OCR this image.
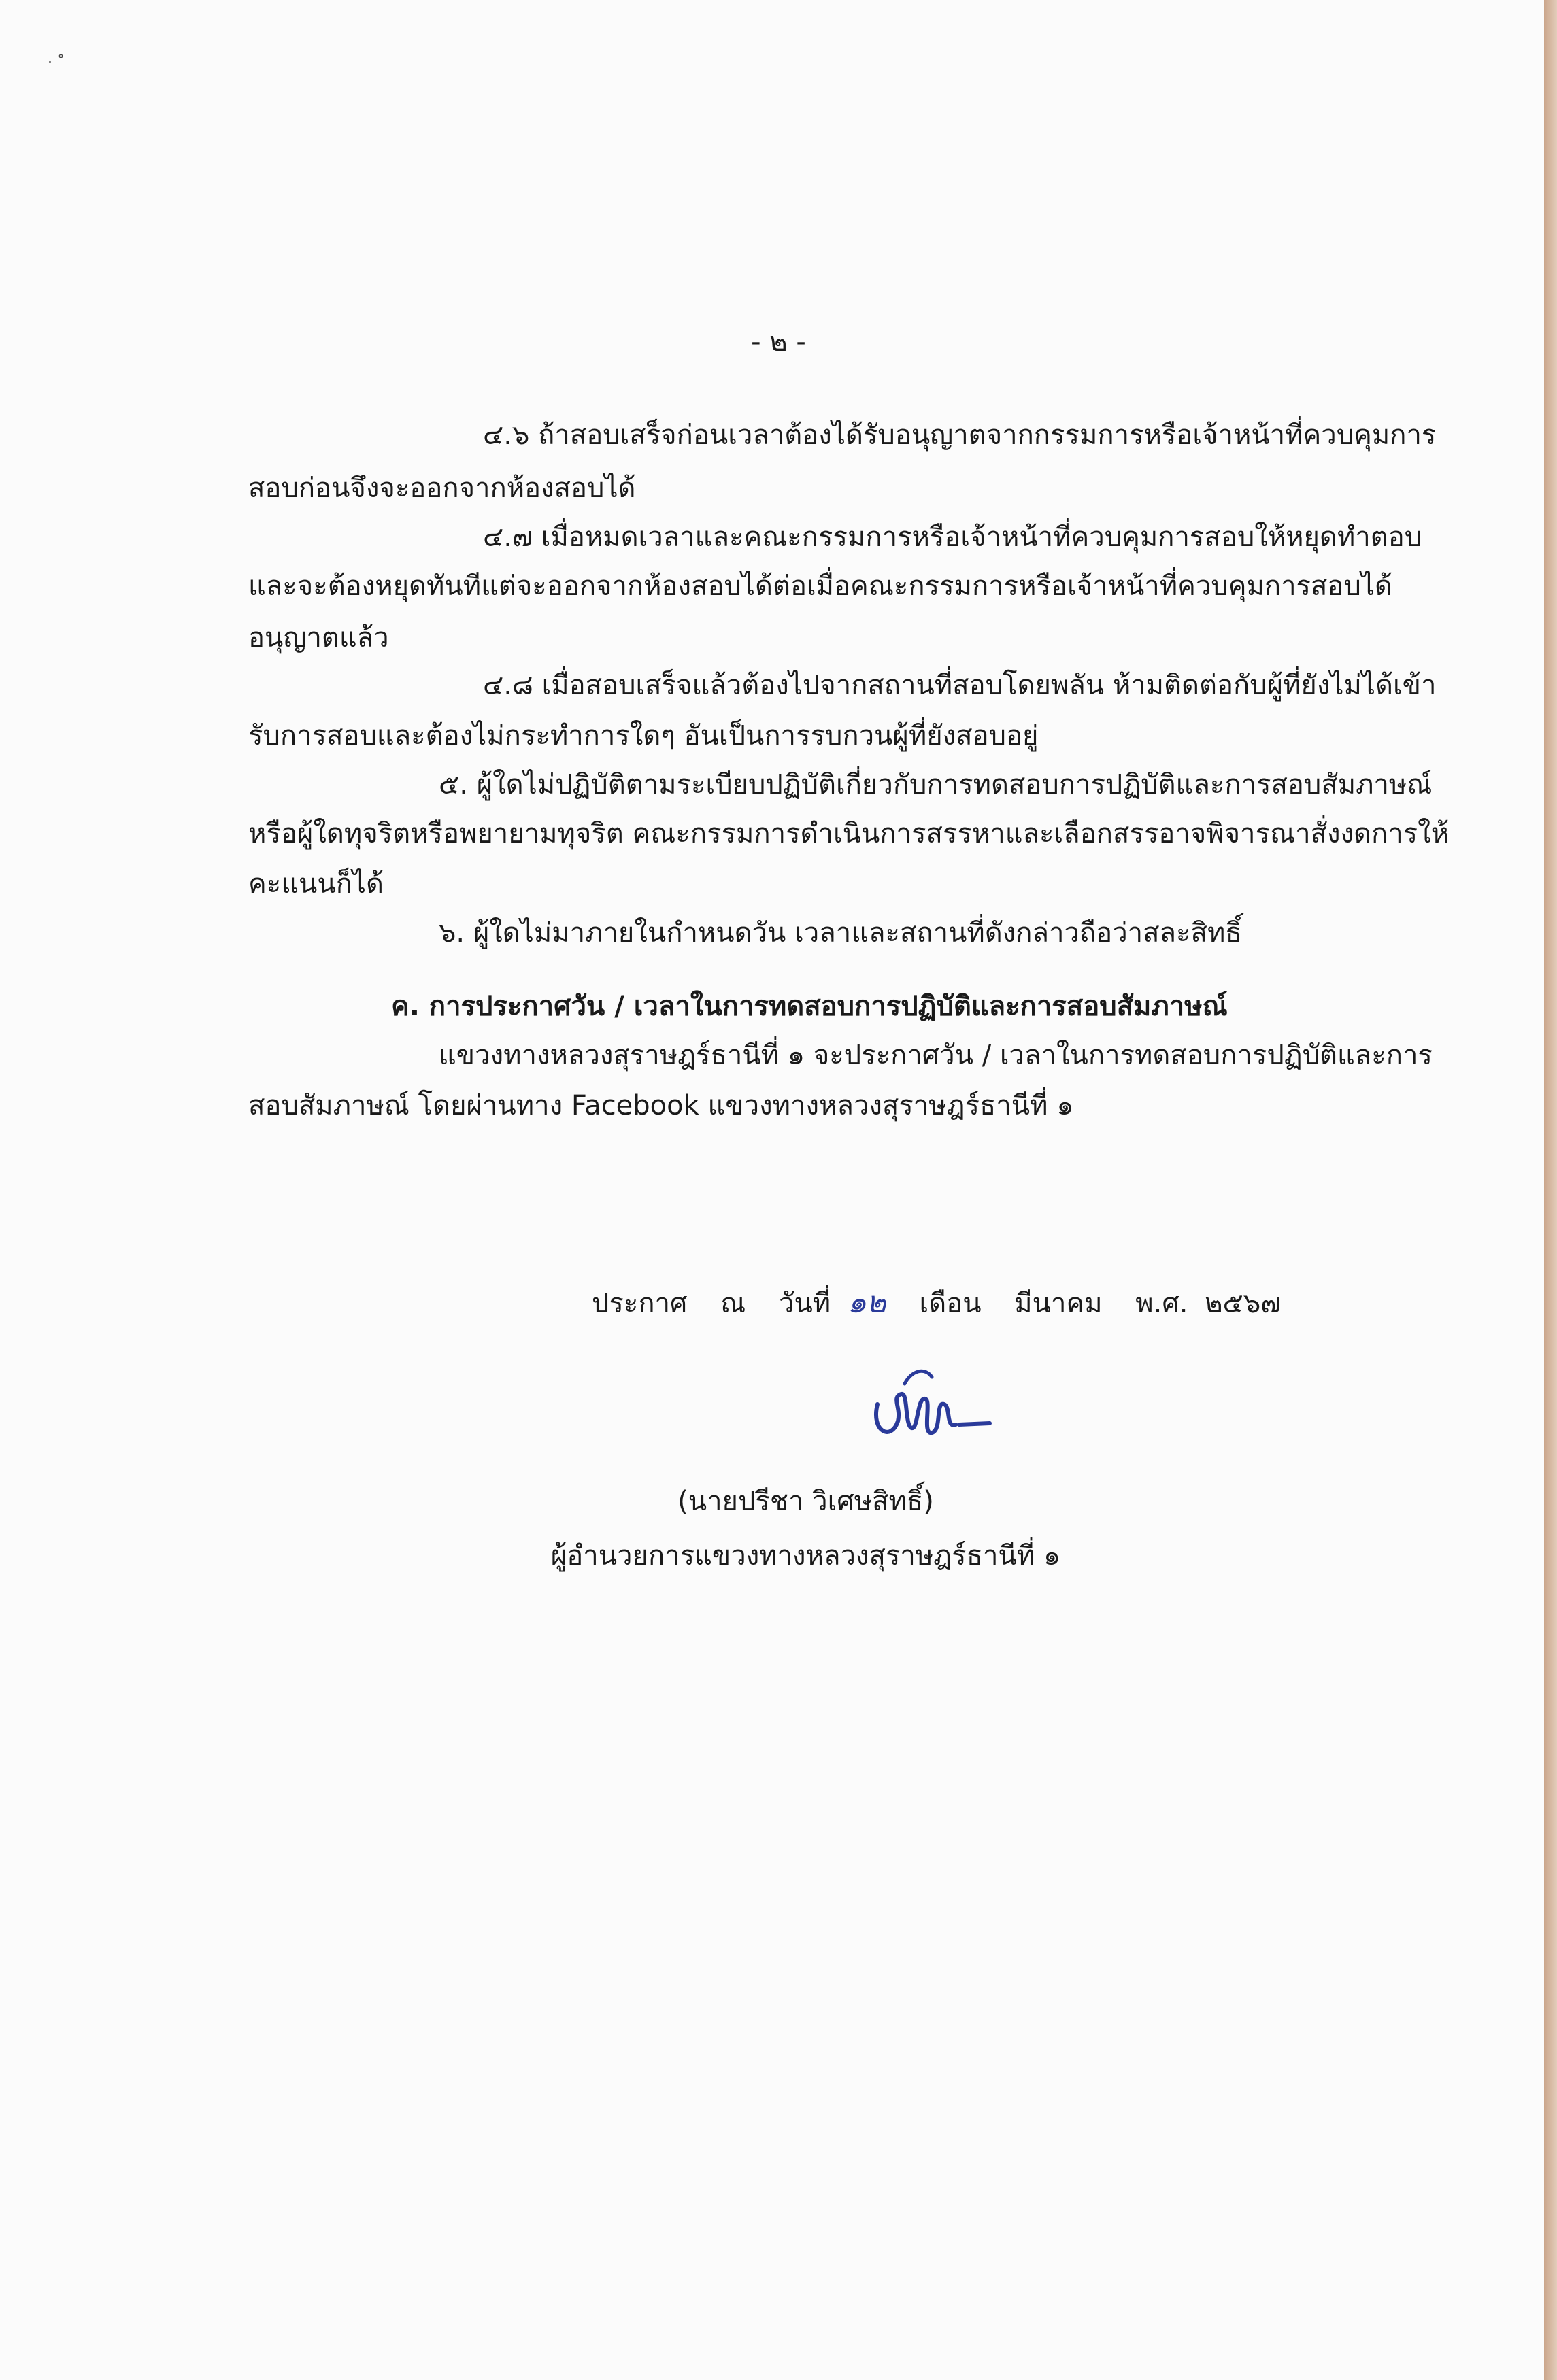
· ˚
- ๒ -
๔.๖ ถ้าสอบเสร็จก่อนเวลาต้องได้รับอนุญาตจากกรรมการหรือเจ้าหน้าที่ควบคุมการ
สอบก่อนจึงจะออกจากห้องสอบได้
๔.๗ เมื่อหมดเวลาและคณะกรรมการหรือเจ้าหน้าที่ควบคุมการสอบให้หยุดทำตอบ
และจะต้องหยุดทันทีแต่จะออกจากห้องสอบได้ต่อเมื่อคณะกรรมการหรือเจ้าหน้าที่ควบคุมการสอบได้
อนุญาตแล้ว
๔.๘ เมื่อสอบเสร็จแล้วต้องไปจากสถานที่สอบโดยพลัน ห้ามติดต่อกับผู้ที่ยังไม่ได้เข้า
รับการสอบและต้องไม่กระทำการใดๆ อันเป็นการรบกวนผู้ที่ยังสอบอยู่
๕. ผู้ใดไม่ปฏิบัติตามระเบียบปฏิบัติเกี่ยวกับการทดสอบการปฏิบัติและการสอบสัมภาษณ์
หรือผู้ใดทุจริตหรือพยายามทุจริต คณะกรรมการดำเนินการสรรหาและเลือกสรรอาจพิจารณาสั่งงดการให้
คะแนนก็ได้
๖. ผู้ใดไม่มาภายในกำหนดวัน เวลาและสถานที่ดังกล่าวถือว่าสละสิทธิ์
ค. การประกาศวัน / เวลาในการทดสอบการปฏิบัติและการสอบสัมภาษณ์
แขวงทางหลวงสุราษฎร์ธานีที่ ๑ จะประกาศวัน / เวลาในการทดสอบการปฏิบัติและการ
สอบสัมภาษณ์ โดยผ่านทาง Facebook แขวงทางหลวงสุราษฎร์ธานีที่ ๑
ประกาศ ณ วันที่ ๑๒ เดือน มีนาคม พ.ศ. ๒๕๖๗
(นายปรีชา วิเศษสิทธิ์)
ผู้อำนวยการแขวงทางหลวงสุราษฎร์ธานีที่ ๑
